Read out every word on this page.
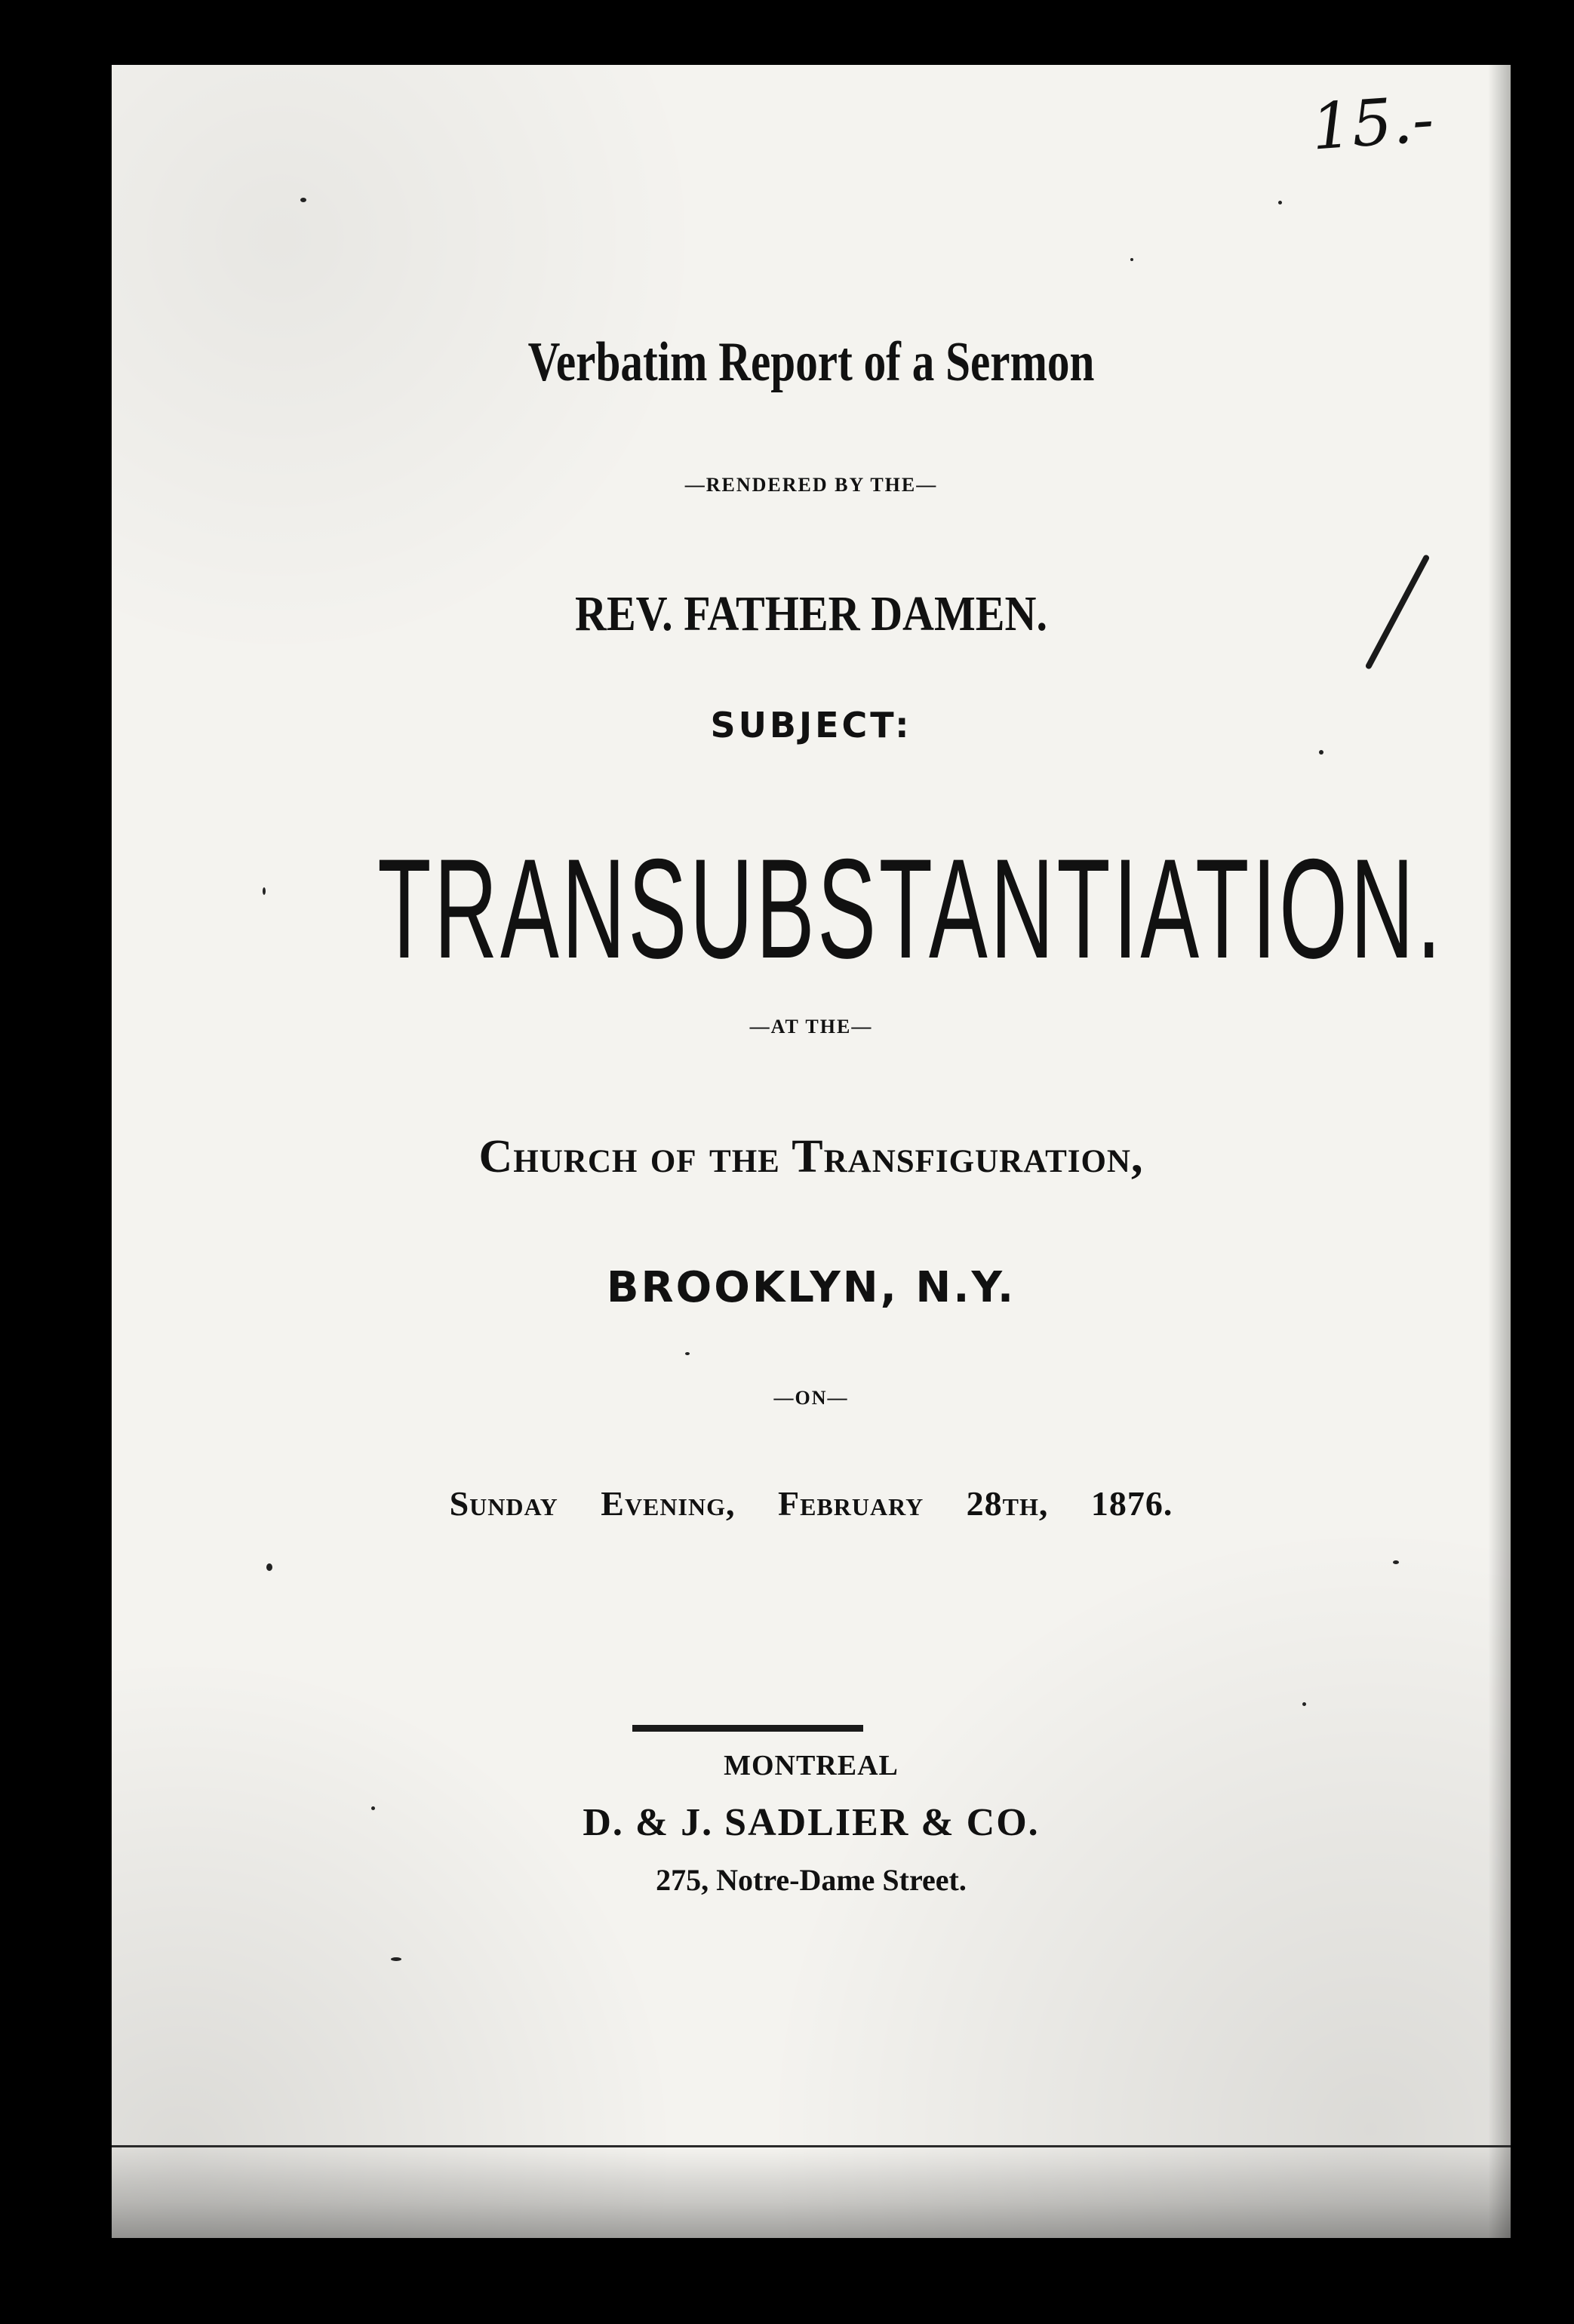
15.-
Verbatim Report of a Sermon
—RENDERED BY THE—
REV. FATHER DAMEN.
SUBJECT:
TRANSUBSTANTIATION.
—AT THE—
Church of the Transfiguration,
BROOKLYN, N.Y.
—ON—
Sunday Evening, February 28th, 1876.
MONTREAL
D. & J. SADLIER & CO.
275, Notre-Dame Street.
